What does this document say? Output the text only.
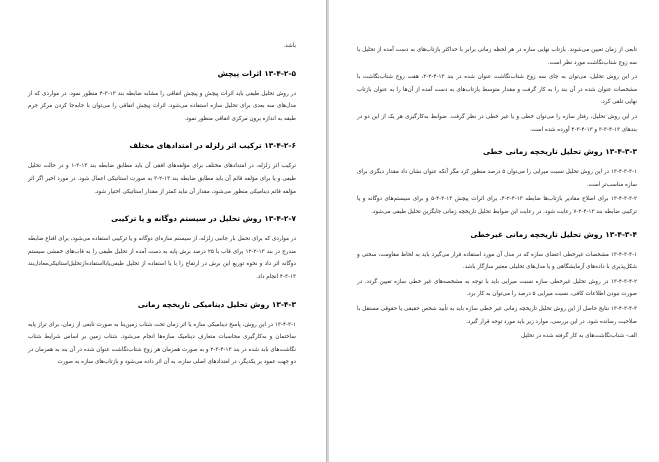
باشد.
۱۳-۴-۲-۵ اثرات پیچش
در روش تحلیل طیفی باید اثرات پیچش و پیچش اتفاقی را مشابه ضابطه بند ۱۳-۳-۴ منظور نمود. در مواردی که از مدل‌های سه بعدی برای تحلیل سازه استفاده می‌شود، اثرات پیچش اتفاقی را می‌توان با جابه‌جا کردن مرکز جرم طبقه به اندازه برون مرکزی اتفاقی منظور نمود.
۱۳-۴-۲-۶ ترکیب اثر زلزله در امتدادهای مختلف
ترکیب اثر زلزله، در امتدادهای مختلف برای مؤلفه‌های افقی آن باید مطابق ضابطه بند ۱۳-۳-۱ و در حالت تحلیل طیفی و یا برای مؤلفه قائم آن باید مطابق ضابطه بند ۱۳-۲-۳ به صورت استاتیکی اعمال شود. در مورد اخیر اگر اثر مؤلفه قائم دینامیکی منظور می‌شود، مقدار آن نباید کمتر از مقدار استاتیکی اختیار شود.
۱۳-۴-۲-۷ روش تحلیل در سیستم دوگانه و یا ترکیبی
در مواردی که برای تحمل بار جانبی زلزله، از سیستم سازه‌ای دوگانه و یا ترکیبی استفاده می‌شود، برای اقناع ضابطه مندرج در بند ۱۳-۲-۱۲ برای قاب با ۲۵ درصد برش پایه به دست آمده از تحلیل طیفی را به قاب‌های خمشی سیستم دوگانه اثر داد و نحوه توزیع این برش در ارتفاع را با یا استفاده از تحلیل طیفی‌یابا‌استفاده‌ازتحلیل‌استاتیکی‌معادل‌بند ۱۳-۳-۴ انجام داد.
۱۳-۴-۳ روش تحلیل دینامیکی تاریخچه زمانی
۱۳-۴-۳-۱ در این روش، پاسخ دینامیکی سازه یا اثر زمان تحت شتاب زمین‌بنا به صورت تابعی از زمان، برای تراز پایه ساختمان و به‌کارگیری محاسبات متعارف دینامیک سازه‌ها انجام می‌شود. شتاب زمین بر اساس شرایط شتاب نگاشت‌های بابد شده در بند ۱۳-۴-۳-۲ و به صورت همزمان هر زوج شتاب‌نگاشت عنوان شده در آن بند به همزمان در دو جهت عمود بر یکدیگر، در امتدادهای اصلی سازه، به آن اثر داده می‌شود و بازتاب‌های سازه به صورت
تابعی از زمان تعیین می‌شوند. بازتاب نهایی سازه در هر لحظه زمانی برابر با حداکثر بازتاب‌های به دست آمده از تحلیل با سه زوج شتاب‌نگاشت مورد نظر است.
در این روش تحلیل، می‌توان به جای سه زوج شتاب‌نگاشت عنوان شده در بند ۱۳-۴-۳-۲، هفت زوج شتاب‌نگاشت با مشخصات عنوان شده در آن بند را به کار گرفت و مقدار متوسط بازتاب‌های به دست آمده از آن‌ها را به عنوان بازتاب نهایی تلقی کرد.
در این روش تحلیل، رفتار سازه را می‌توان خطی و یا غیر خطی در نظر گرفت. ضوابط به‌کارگیری هر یک از این دو در بندهای ۱۳-۴-۳-۳ و ۱۳-۴-۳-۴ آورده شده است.
۱۳-۴-۳-۳ روش تحلیل تاریخچه زمانی خطی
۱۳-۴-۳-۳-۱ در این روش تحلیل نسبت میرایی را می‌توان ۵ درصد منظور کرد مگر آنکه عنوان نشان داد مقدار دیگری برای سازه مناسب‌تر است.
۱۳-۴-۳-۳-۲ برای اصلاح مقادیر بازتاب‌ها ضابطه ۱۳-۴-۲-۴، برای اثرات پیچش ۱۳-۳-۴-۵ و برای سیستم‌های دوگانه و یا ترکیبی ضابطه بند ۱۳-۴-۲-۷ رعایت شود. در رعایت این ضوابط تحلیل تاریخچه زمانی جایگزین تحلیل طیفی می‌شود.
۱۳-۴-۳-۴ روش تحلیل تاریخچه زمانی غیرخطی
۱۳-۴-۳-۴-۱ مشخصات غیرخطی اعضای سازه که در مدل آن مورد استفاده قرار می‌گیرد باید به لحاظ مقاومت، سختی و شکل‌پذیری با داده‌های آزمایشگاهی و یا مدل‌های تحلیلی معتبر سازگار باشد.
۱۳-۴-۳-۴-۲ در روش تحلیل غیرخطی سازه نسبت میرایی باید با توجه به مشخصه‌های غیر خطی سازه تعیین گردد. در صورت نبودن اطلاعات کافی، نسبت میرایی ۵ درصد را می‌توان به کار برد.
۱۳-۴-۳-۴-۳ نتایج حاصل از این روش تحلیل تاریخچه زمانی غیر خطی سازه باید به تأیید شخص حقیقی یا حقوقی مستقل با صلاحیت رسانده شود. در این بررسی، موارد زیر باید مورد توجه قرار گیرد.
الف- شتاب‌نگاشت‌های به کار گرفته شده در تحلیل
